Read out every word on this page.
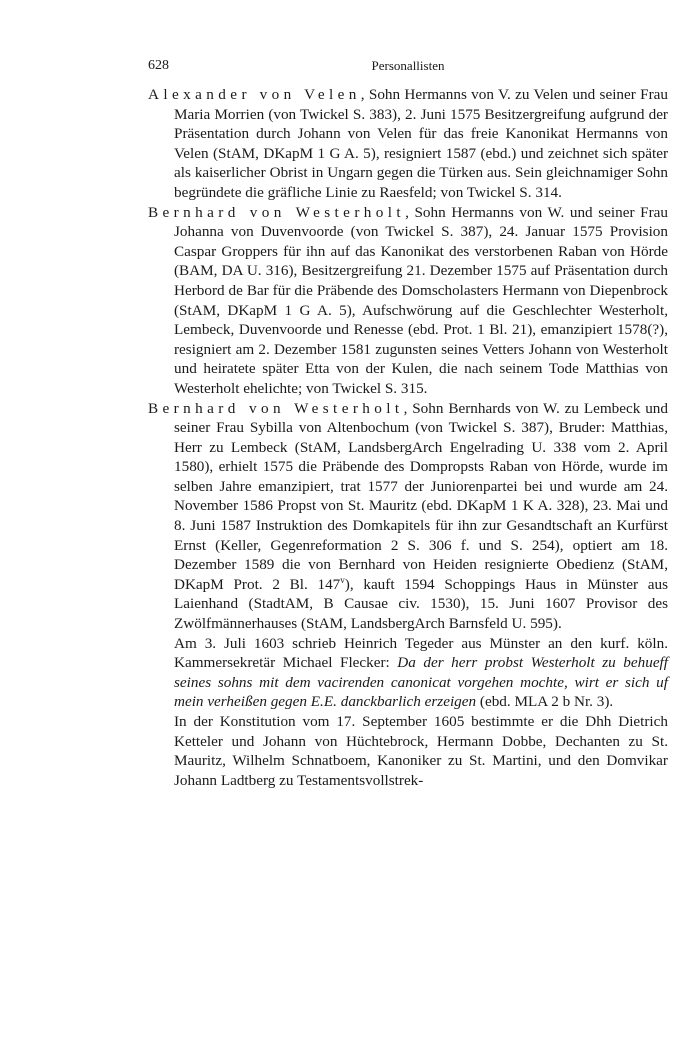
628	Personallisten

Alexander von Velen, Sohn Hermanns von V. zu Velen und seiner Frau Maria Morrien (von Twickel S. 383), 2. Juni 1575 Besitzergreifung aufgrund der Präsentation durch Johann von Velen für das freie Kanonikat Hermanns von Velen (StAM, DKapM 1 G A. 5), resigniert 1587 (ebd.) und zeichnet sich später als kaiserlicher Obrist in Ungarn gegen die Türken aus. Sein gleichnamiger Sohn begründete die gräfliche Linie zu Raesfeld; von Twickel S. 314.

Bernhard von Westerholt, Sohn Hermanns von W. und seiner Frau Johanna von Duvenvoorde (von Twickel S. 387), 24. Januar 1575 Provision Caspar Groppers für ihn auf das Kanonikat des verstorbenen Raban von Hörde (BAM, DA U. 316), Besitzergreifung 21. Dezember 1575 auf Präsentation durch Herbord de Bar für die Präbende des Domscholasters Hermann von Diepenbrock (StAM, DKapM 1 G A. 5), Aufschwörung auf die Geschlechter Westerholt, Lembeck, Duvenvoorde und Renesse (ebd. Prot. 1 Bl. 21), emanzipiert 1578(?), resigniert am 2. Dezember 1581 zugunsten seines Vetters Johann von Westerholt und heiratete später Etta von der Kulen, die nach seinem Tode Matthias von Westerholt ehelichte; von Twickel S. 315.

Bernhard von Westerholt, Sohn Bernhards von W. zu Lembeck und seiner Frau Sybilla von Altenbochum (von Twickel S. 387), Bruder: Matthias, Herr zu Lembeck (StAM, LandsbergArch Engelrading U. 338 vom 2. April 1580), erhielt 1575 die Präbende des Dompropsts Raban von Hörde, wurde im selben Jahre emanzipiert, trat 1577 der Juniorenpartei bei und wurde am 24. November 1586 Propst von St. Mauritz (ebd. DKapM 1 K A. 328), 23. Mai und 8. Juni 1587 Instruktion des Domkapitels für ihn zur Gesandtschaft an Kurfürst Ernst (Keller, Gegenreformation 2 S. 306 f. und S. 254), optiert am 18. Dezember 1589 die von Bernhard von Heiden resignierte Obedienz (StAM, DKapM Prot. 2 Bl. 147$^v$), kauft 1594 Schoppings Haus in Münster aus Laienhand (StadtAM, B Causae civ. 1530), 15. Juni 1607 Provisor des Zwölfmännerhauses (StAM, LandsbergArch Barnsfeld U. 595).

Am 3. Juli 1603 schrieb Heinrich Tegeder aus Münster an den kurf. köln. Kammersekretär Michael Flecker: Da der herr probst Westerholt zu behueff seines sohns mit dem vacirenden canonicat vorgehen mochte, wirt er sich uf mein verheißen gegen E.E. danckbarlich erzeigen (ebd. MLA 2 b Nr. 3).

In der Konstitution vom 17. September 1605 bestimmte er die Dhh Dietrich Ketteler und Johann von Hüchtebrock, Hermann Dobbe, Dechanten zu St. Mauritz, Wilhelm Schnatboem, Kanoniker zu St. Martini, und den Domvikar Johann Ladtberg zu Testamentsvollstrek-
